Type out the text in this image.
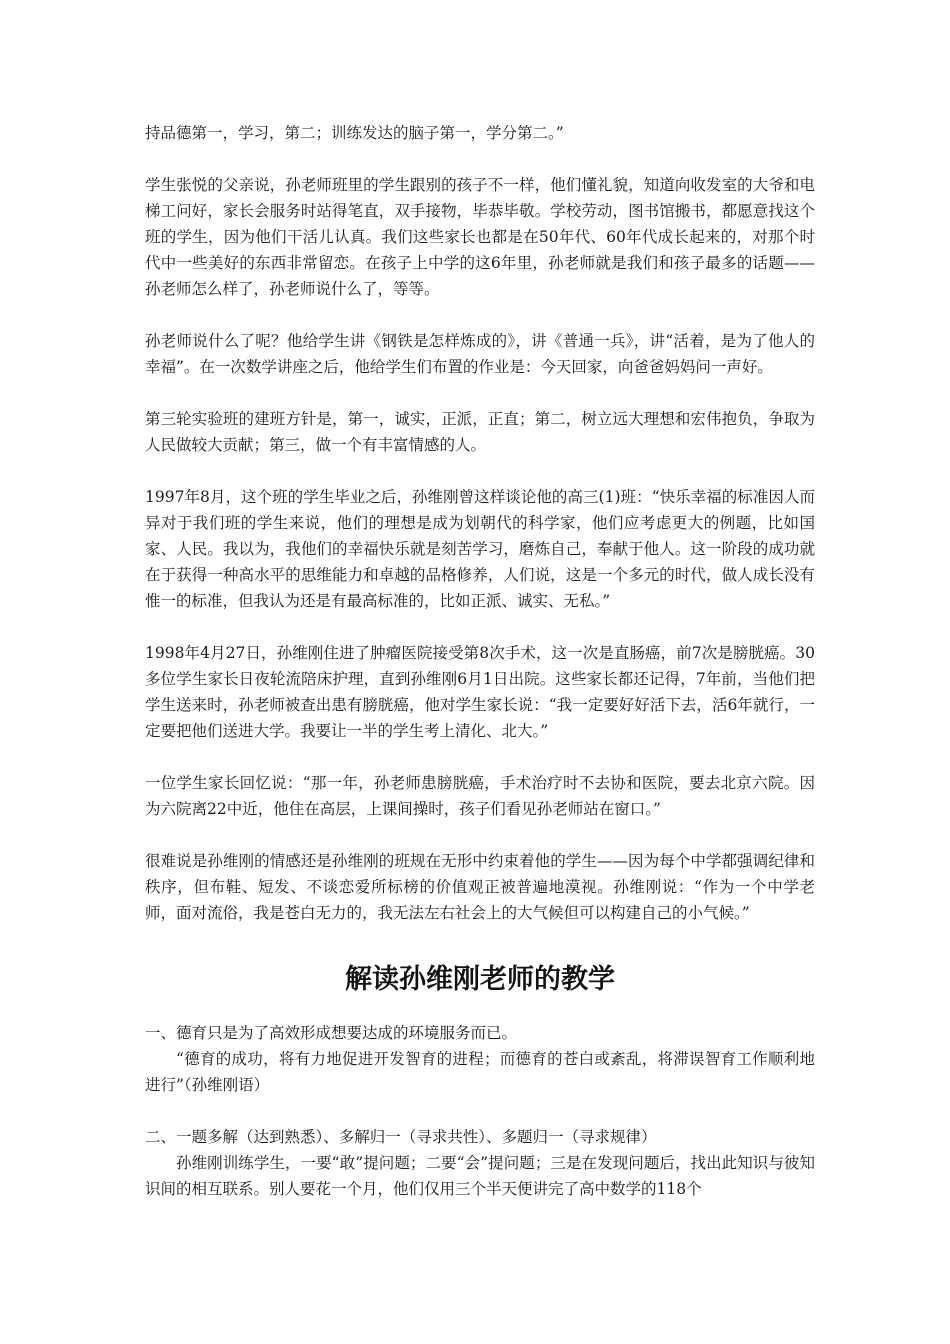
持品德第一，学习，第二；训练发达的脑子第一，学分第二。”

学生张悦的父亲说，孙老师班里的学生跟别的孩子不一样，他们懂礼貌，知道向收发室的大爷和电梯工问好，家长会服务时站得笔直，双手接物，毕恭毕敬。学校劳动，图书馆搬书，都愿意找这个班的学生，因为他们干活儿认真。我们这些家长也都是在50年代、60年代成长起来的，对那个时代中一些美好的东西非常留恋。在孩子上中学的这6年里，孙老师就是我们和孩子最多的话题——孙老师怎么样了，孙老师说什么了，等等。

孙老师说什么了呢？他给学生讲《钢铁是怎样炼成的》，讲《普通一兵》，讲“活着，是为了他人的幸福”。在一次数学讲座之后，他给学生们布置的作业是：今天回家，向爸爸妈妈问一声好。

第三轮实验班的建班方针是，第一，诚实，正派，正直；第二，树立远大理想和宏伟抱负，争取为人民做较大贡献；第三，做一个有丰富情感的人。

1997年8月，这个班的学生毕业之后，孙维刚曾这样谈论他的高三(1)班：“快乐幸福的标准因人而异对于我们班的学生来说，他们的理想是成为划朝代的科学家，他们应考虑更大的例题，比如国家、人民。我以为，我他们的幸福快乐就是刻苦学习，磨炼自己，奉献于他人。这一阶段的成功就在于获得一种高水平的思维能力和卓越的品格修养，人们说，这是一个多元的时代，做人成长没有惟一的标准，但我认为还是有最高标准的，比如正派、诚实、无私。”

1998年4月27日，孙维刚住进了肿瘤医院接受第8次手术，这一次是直肠癌，前7次是膀胱癌。30多位学生家长日夜轮流陪床护理，直到孙维刚6月1日出院。这些家长都还记得，7年前，当他们把学生送来时，孙老师被查出患有膀胱癌，他对学生家长说：“我一定要好好活下去，活6年就行，一定要把他们送进大学。我要让一半的学生考上清化、北大。”

一位学生家长回忆说：“那一年，孙老师患膀胱癌，手术治疗时不去协和医院，要去北京六院。因为六院离22中近，他住在高层，上课间操时，孩子们看见孙老师站在窗口。”

很难说是孙维刚的情感还是孙维刚的班规在无形中约束着他的学生——因为每个中学都强调纪律和秩序，但布鞋、短发、不谈恋爱所标榜的价值观正被普遍地漠视。孙维刚说：“作为一个中学老师，面对流俗，我是苍白无力的，我无法左右社会上的大气候但可以构建自己的小气候。”

解读孙维刚老师的教学

一、德育只是为了高效形成想要达成的环境服务而已。

“德育的成功，将有力地促进开发智育的进程；而德育的苍白或紊乱，将滞误智育工作顺利地进行”（孙维刚语）

二、一题多解（达到熟悉）、多解归一（寻求共性）、多题归一（寻求规律）

孙维刚训练学生，一要“敢”提问题；二要“会”提问题；三是在发现问题后，找出此知识与彼知识间的相互联系。别人要花一个月，他们仅用三个半天便讲完了高中数学的118个
